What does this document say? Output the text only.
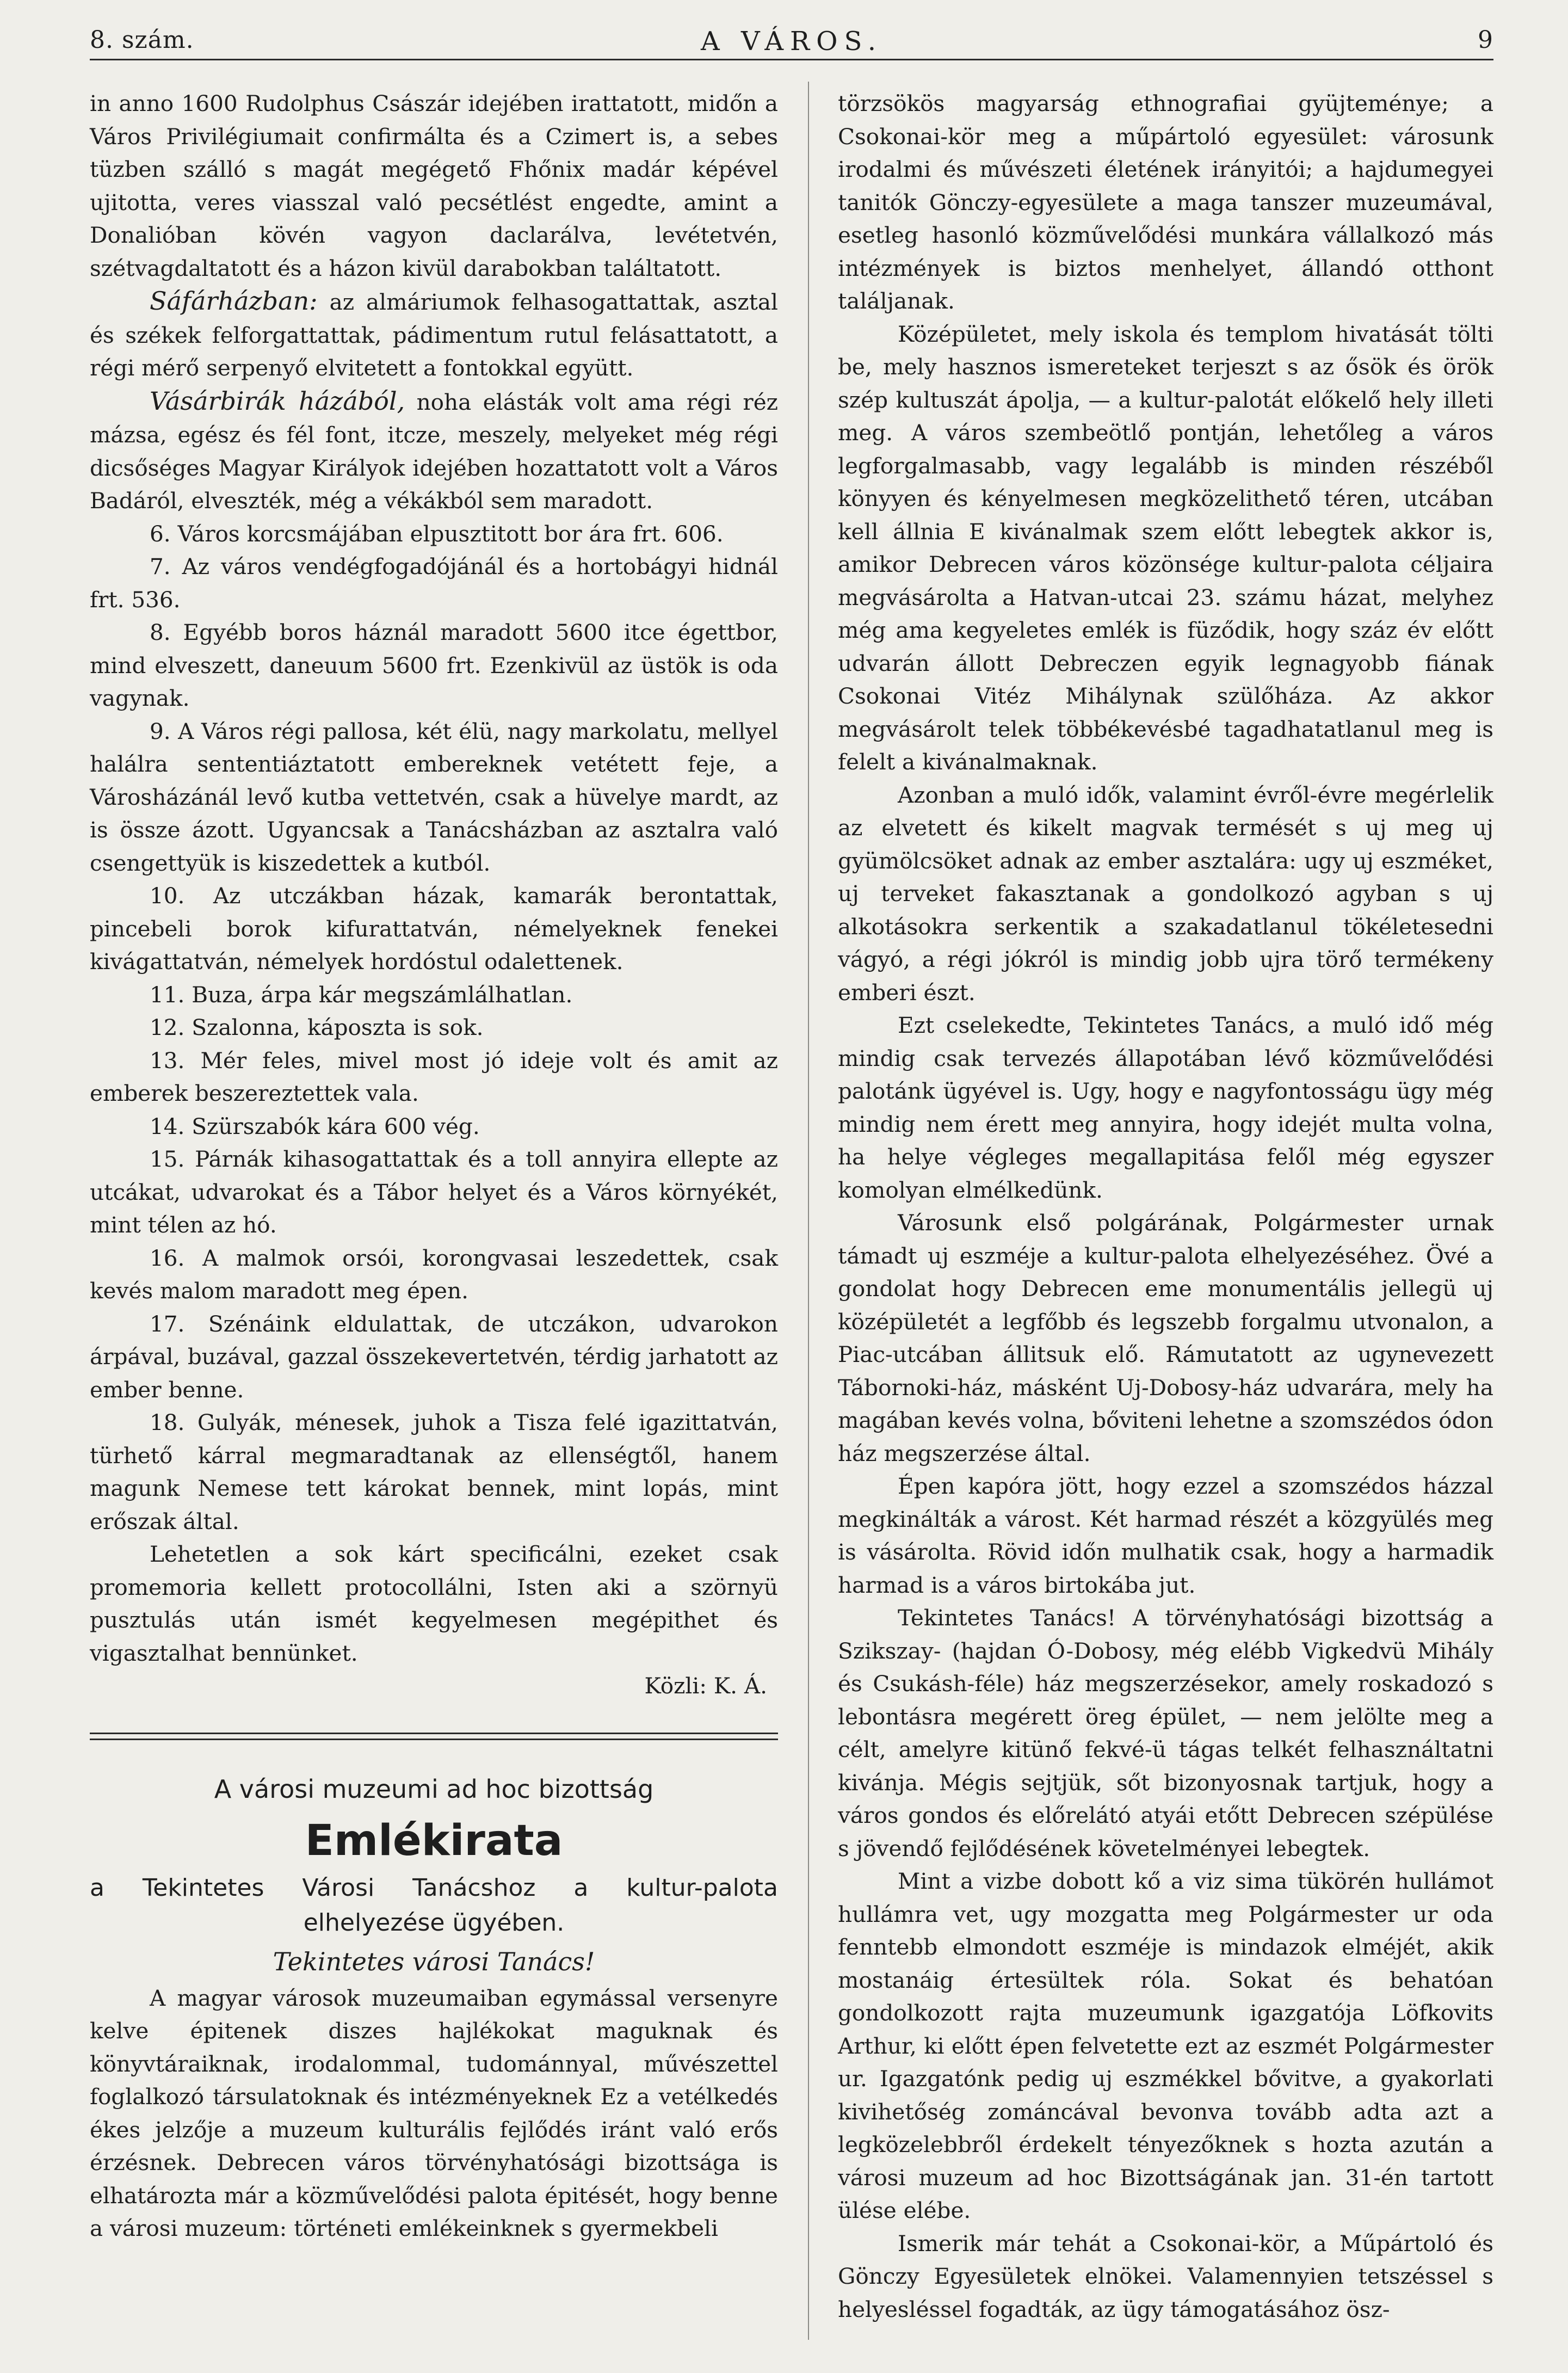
8. szám.	A VÁROS.	9

in anno 1600 Rudolphus Császár idejében irattatott, midőn a Város Privilégiumait confirmálta és a Czimert is, a sebes tüzben szálló s magát megégető Fhőnix madár képével ujitotta, veres viasszal való pecsétlést engedte, amint a Donalióban kövén vagyon daclarálva, levétetvén, szétvagdaltatott és a házon kivül darabokban találtatott.

Sáfárházban: az almáriumok felhasogattattak, asztal és székek felforgattattak, pádimentum rutul felásattatott, a régi mérő serpenyő elvitetett a fontokkal együtt.

Vásárbirák házából, noha elásták volt ama régi réz mázsa, egész és fél font, itcze, meszely, melyeket még régi dicsőséges Magyar Királyok idejében hozattatott volt a Város Badáról, elveszték, még a vékákból sem maradott.

6. Város korcsmájában elpusztitott bor ára frt. 606.

7. Az város vendégfogadójánál és a hortobágyi hidnál frt. 536.

8. Egyébb boros háznál maradott 5600 itce égettbor, mind elveszett, daneuum 5600 frt. Ezenkivül az üstök is oda vagynak.

9. A Város régi pallosa, két élü, nagy markolatu, mellyel halálra sententiáztatott embereknek vetétett feje, a Városházánál levő kutba vettetvén, csak a hüvelye mardt, az is össze ázott. Ugyancsak a Tanácsházban az asztalra való csengettyük is kiszedettek a kutból.

10. Az utczákban házak, kamarák berontattak, pincebeli borok kifurattatván, némelyeknek fenekei kivágattatván, némelyek hordóstul odalettenek.

11. Buza, árpa kár megszámlálhatlan.

12. Szalonna, káposzta is sok.

13. Mér feles, mivel most jó ideje volt és amit az emberek beszereztettek vala.

14. Szürszabók kára 600 vég.

15. Párnák kihasogattattak és a toll annyira ellepte az utcákat, udvarokat és a Tábor helyet és a Város környékét, mint télen az hó.

16. A malmok orsói, korongvasai leszedettek, csak kevés malom maradott meg épen.

17. Szénáink eldulattak, de utczákon, udvarokon árpával, buzával, gazzal összekevertetvén, térdig jarhatott az ember benne.

18. Gulyák, ménesek, juhok a Tisza felé igazittatván, türhető kárral megmaradtanak az ellenségtől, hanem magunk Nemese tett károkat bennek, mint lopás, mint erőszak által.

Lehetetlen a sok kárt specificálni, ezeket csak promemoria kellett protocollálni, Isten aki a szörnyü pusztulás után ismét kegyelmesen megépithet és vigasztalhat bennünket.

Közli: K. Á.

A városi muzeumi ad hoc bizottság
Emlékirata
a Tekintetes Városi Tanácshoz a kultur-palota
elhelyezése ügyében.
Tekintetes városi Tanács!

A magyar városok muzeumaiban egymással versenyre kelve épitenek diszes hajlékokat maguknak és könyvtáraiknak, irodalommal, tudománnyal, művészettel foglalkozó társulatoknak és intézményeknek Ez a vetélkedés ékes jelzője a muzeum kulturális fejlődés iránt való erős érzésnek. Debrecen város törvényhatósági bizottsága is elhatározta már a közművelődési palota épitését, hogy benne a városi muzeum: történeti emlékeinknek s gyermekbeli

törzsökös magyarság ethnografiai gyüjteménye; a Csokonai-kör meg a műpártoló egyesület: városunk irodalmi és művészeti életének irányitói; a hajdumegyei tanitók Gönczy-egyesülete a maga tanszer muzeumával, esetleg hasonló közművelődési munkára vállalkozó más intézmények is biztos menhelyet, állandó otthont találjanak.

Középületet, mely iskola és templom hivatását tölti be, mely hasznos ismereteket terjeszt s az ősök és örök szép kultuszát ápolja, — a kultur-palotát előkelő hely illeti meg. A város szembeötlő pontján, lehetőleg a város legforgalmasabb, vagy legalább is minden részéből könyyen és kényelmesen megközelithető téren, utcában kell állnia E kivánalmak szem előtt lebegtek akkor is, amikor Debrecen város közönsége kultur-palota céljaira megvásárolta a Hatvan-utcai 23. számu házat, melyhez még ama kegyeletes emlék is füződik, hogy száz év előtt udvarán állott Debreczen egyik legnagyobb fiának Csokonai Vitéz Mihálynak szülőháza. Az akkor megvásárolt telek többékevésbé tagadhatatlanul meg is felelt a kivánalmaknak.

Azonban a muló idők, valamint évről-évre megérlelik az elvetett és kikelt magvak termését s uj meg uj gyümölcsöket adnak az ember asztalára: ugy uj eszméket, uj terveket fakasztanak a gondolkozó agyban s uj alkotásokra serkentik a szakadatlanul tökéletesedni vágyó, a régi jókról is mindig jobb ujra törő termékeny emberi észt.

Ezt cselekedte, Tekintetes Tanács, a muló idő még mindig csak tervezés állapotában lévő közművelődési palotánk ügyével is. Ugy, hogy e nagyfontosságu ügy még mindig nem érett meg annyira, hogy idejét multa volna, ha helye végleges megallapitása felől még egyszer komolyan elmélkedünk.

Városunk első polgárának, Polgármester urnak támadt uj eszméje a kultur-palota elhelyezéséhez. Övé a gondolat hogy Debrecen eme monumentális jellegü uj középületét a legfőbb és legszebb forgalmu utvonalon, a Piac-utcában állitsuk elő. Rámutatott az ugynevezett Tábornoki-ház, másként Uj-Dobosy-ház udvarára, mely ha magában kevés volna, bőviteni lehetne a szomszédos ódon ház megszerzése által.

Épen kapóra jött, hogy ezzel a szomszédos házzal megkinálták a várost. Két harmad részét a közgyülés meg is vásárolta. Rövid időn mulhatik csak, hogy a harmadik harmad is a város birtokába jut.

Tekintetes Tanács! A törvényhatósági bizottság a Szikszay- (hajdan Ó-Dobosy, még elébb Vigkedvü Mihály és Csukásh-féle) ház megszerzésekor, amely roskadozó s lebontásra megérett öreg épület, — nem jelölte meg a célt, amelyre kitünő fekvé-ü tágas telkét felhasználtatni kivánja. Mégis sejtjük, sőt bizonyosnak tartjuk, hogy a város gondos és előrelátó atyái etőtt Debrecen szépülése s jövendő fejlődésének követelményei lebegtek.

Mint a vizbe dobott kő a viz sima tükörén hullámot hullámra vet, ugy mozgatta meg Polgármester ur oda fenntebb elmondott eszméje is mindazok elméjét, akik mostanáig értesültek róla. Sokat és behatóan gondolkozott rajta muzeumunk igazgatója Löfkovits Arthur, ki előtt épen felvetette ezt az eszmét Polgármester ur. Igazgatónk pedig uj eszmékkel bővitve, a gyakorlati kivihetőség zománcával bevonva tovább adta azt a legközelebbről érdekelt tényezőknek s hozta azután a városi muzeum ad hoc Bizottságának jan. 31-én tartott ülése elébe.

Ismerik már tehát a Csokonai-kör, a Műpártoló és Gönczy Egyesületek elnökei. Valamennyien tetszéssel s helyesléssel fogadták, az ügy támogatásához ösz-
